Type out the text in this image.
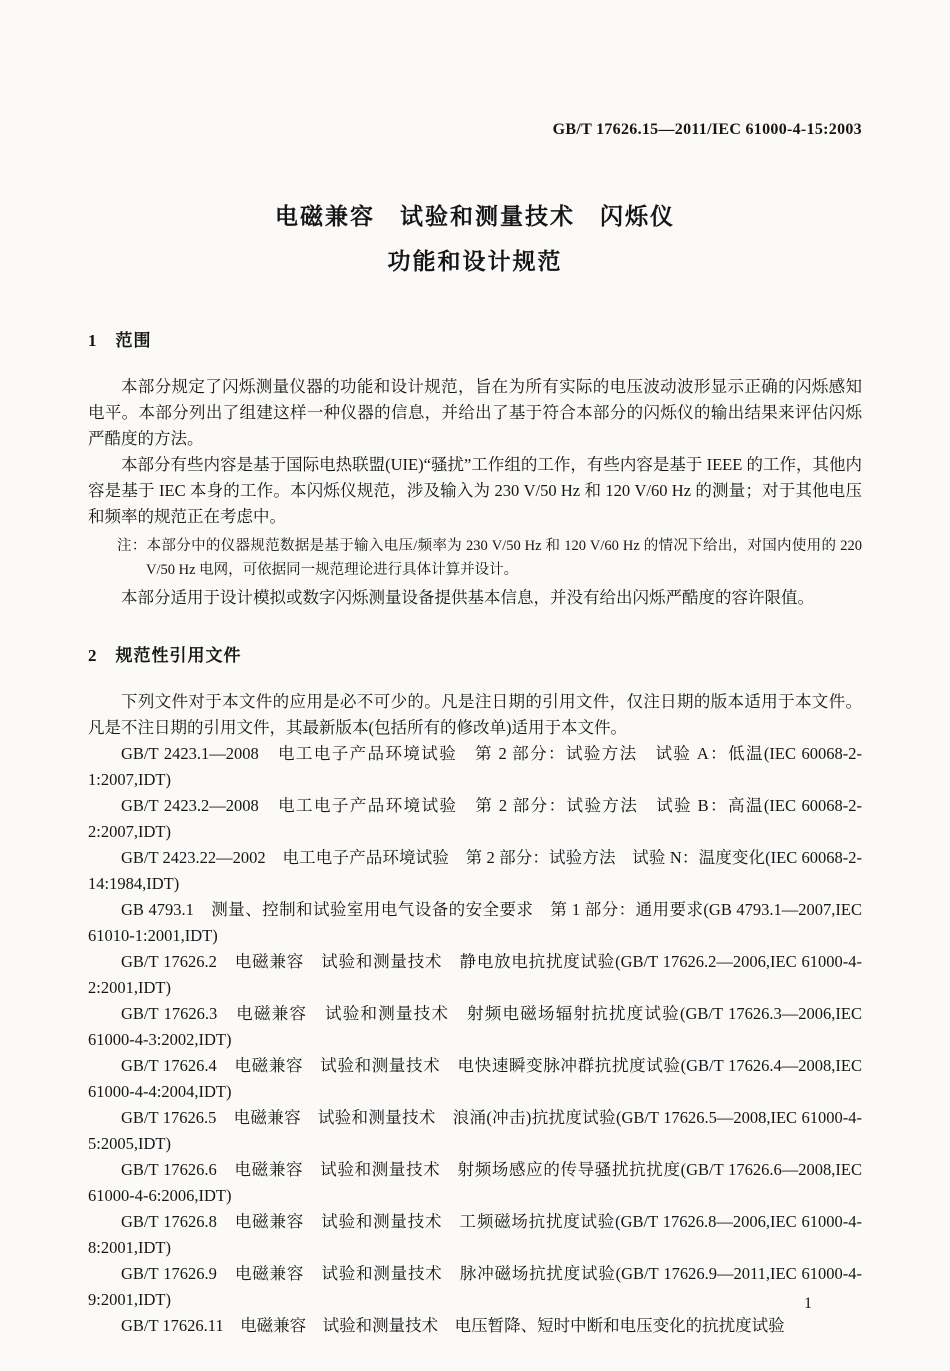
GB/T 17626.15—2011/IEC 61000-4-15:2003
电磁兼容　试验和测量技术　闪烁仪
功能和设计规范
1　范围

本部分规定了闪烁测量仪器的功能和设计规范，旨在为所有实际的电压波动波形显示正确的闪烁感知电平。本部分列出了组建这样一种仪器的信息，并给出了基于符合本部分的闪烁仪的输出结果来评估闪烁严酷度的方法。

本部分有些内容是基于国际电热联盟(UIE)“骚扰”工作组的工作，有些内容是基于 IEEE 的工作，其他内容是基于 IEC 本身的工作。本闪烁仪规范，涉及输入为 230 V/50 Hz 和 120 V/60 Hz 的测量；对于其他电压和频率的规范正在考虑中。

注：本部分中的仪器规范数据是基于输入电压/频率为 230 V/50 Hz 和 120 V/60 Hz 的情况下给出，对国内使用的 220 V/50 Hz 电网，可依据同一规范理论进行具体计算并设计。

本部分适用于设计模拟或数字闪烁测量设备提供基本信息，并没有给出闪烁严酷度的容许限值。

2　规范性引用文件

下列文件对于本文件的应用是必不可少的。凡是注日期的引用文件，仅注日期的版本适用于本文件。凡是不注日期的引用文件，其最新版本(包括所有的修改单)适用于本文件。

GB/T 2423.1—2008　电工电子产品环境试验　第 2 部分：试验方法　试验 A：低温(IEC 60068-2-1:2007,IDT)

GB/T 2423.2—2008　电工电子产品环境试验　第 2 部分：试验方法　试验 B：高温(IEC 60068-2-2:2007,IDT)

GB/T 2423.22—2002　电工电子产品环境试验　第 2 部分：试验方法　试验 N：温度变化(IEC 60068-2-14:1984,IDT)

GB 4793.1　测量、控制和试验室用电气设备的安全要求　第 1 部分：通用要求(GB 4793.1—2007,IEC 61010-1:2001,IDT)

GB/T 17626.2　电磁兼容　试验和测量技术　静电放电抗扰度试验(GB/T 17626.2—2006,IEC 61000-4-2:2001,IDT)

GB/T 17626.3　电磁兼容　试验和测量技术　射频电磁场辐射抗扰度试验(GB/T 17626.3—2006,IEC 61000-4-3:2002,IDT)

GB/T 17626.4　电磁兼容　试验和测量技术　电快速瞬变脉冲群抗扰度试验(GB/T 17626.4—2008,IEC 61000-4-4:2004,IDT)

GB/T 17626.5　电磁兼容　试验和测量技术　浪涌(冲击)抗扰度试验(GB/T 17626.5—2008,IEC 61000-4-5:2005,IDT)

GB/T 17626.6　电磁兼容　试验和测量技术　射频场感应的传导骚扰抗扰度(GB/T 17626.6—2008,IEC 61000-4-6:2006,IDT)

GB/T 17626.8　电磁兼容　试验和测量技术　工频磁场抗扰度试验(GB/T 17626.8—2006,IEC 61000-4-8:2001,IDT)

GB/T 17626.9　电磁兼容　试验和测量技术　脉冲磁场抗扰度试验(GB/T 17626.9—2011,IEC 61000-4-9:2001,IDT)

GB/T 17626.11　电磁兼容　试验和测量技术　电压暂降、短时中断和电压变化的抗扰度试验

1
